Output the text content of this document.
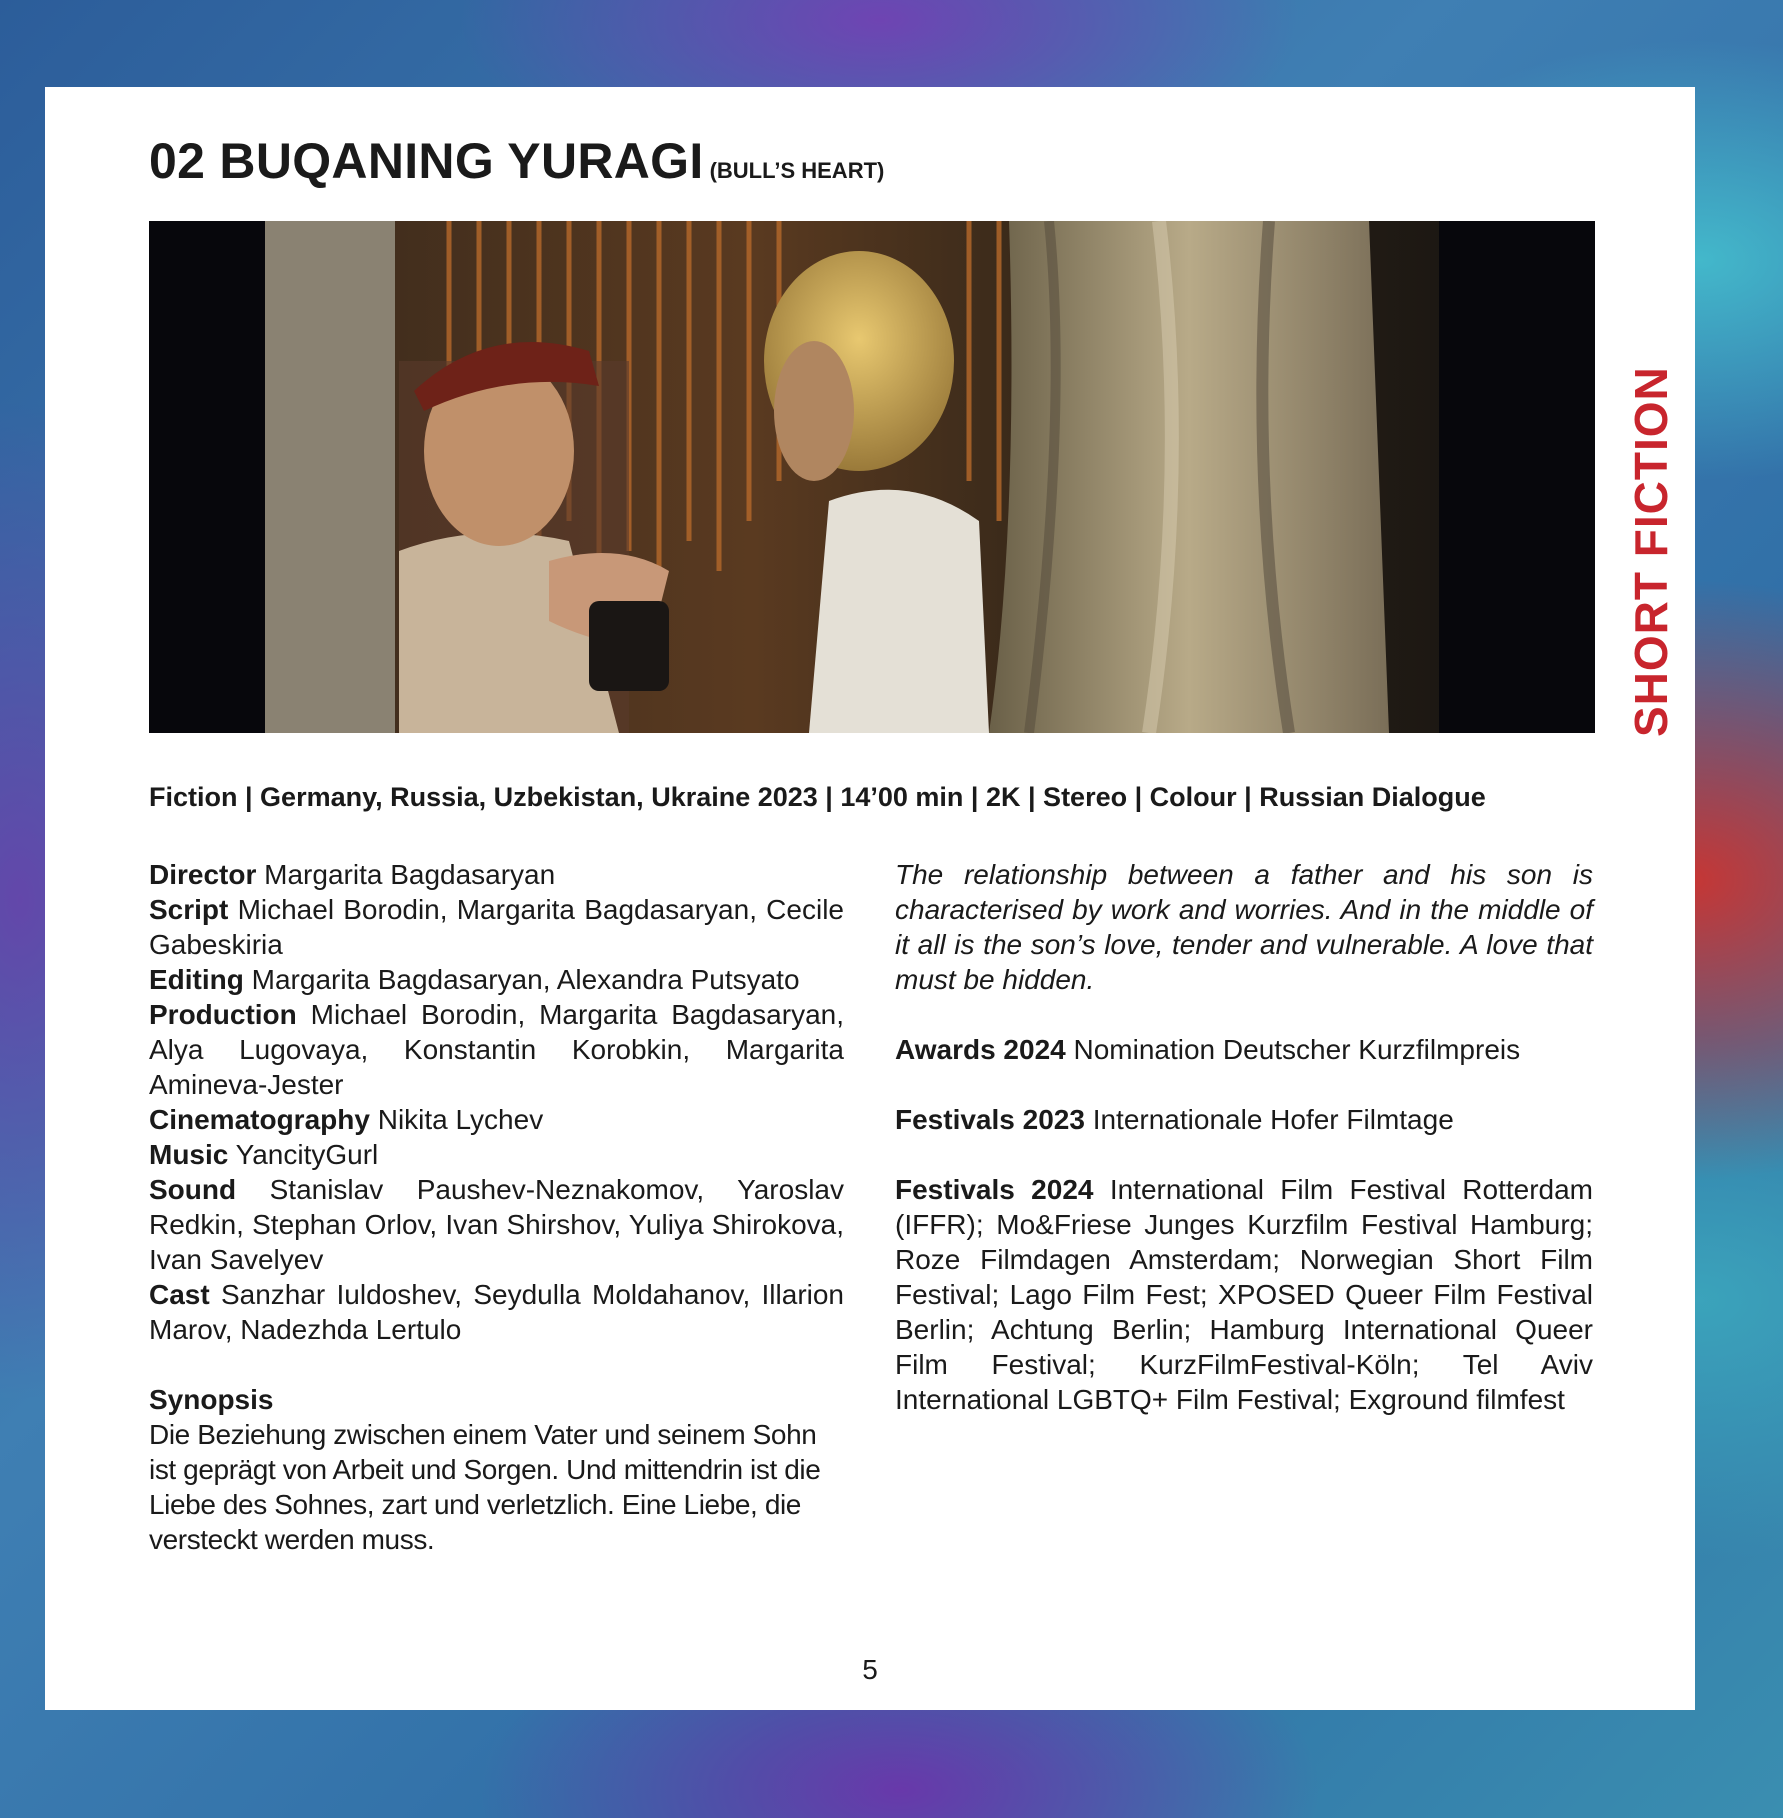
02 BUQANING YURAGI (BULL’S HEART)
SHORT FICTION
Fiction | Germany, Russia, Uzbekistan, Ukraine 2023 | 14’00 min | 2K | Stereo | Colour | Russian Dialogue

Director Margarita Bagdasaryan

Script Michael Borodin, Margarita Bagdasaryan, Cecile Gabeskiria

Editing Margarita Bagdasaryan, Alexandra Putsyato

Production Michael Borodin, Margarita Bagdasaryan, Alya Lugovaya, Konstantin Korobkin, Margarita Amineva-Jester

Cinematography Nikita Lychev

Music YancityGurl

Sound Stanislav Paushev-Neznakomov, Yaroslav Redkin, Stephan Orlov, Ivan Shirshov, Yuliya Shirokova, Ivan Savelyev

Cast Sanzhar Iuldoshev, Seydulla Moldahanov, Illarion Marov, Nadezhda Lertulo

Synopsis

Die Beziehung zwischen einem Vater und seinem Sohn ist geprägt von Arbeit und Sorgen. Und mittendrin ist die Liebe des Sohnes, zart und verletzlich. Eine Liebe, die versteckt werden muss.

The relationship between a father and his son is characterised by work and worries. And in the middle of it all is the son’s love, tender and vulnerable. A love that must be hidden.

Awards 2024 Nomination Deutscher Kurzfilmpreis

Festivals 2023 Internationale Hofer Filmtage

Festivals 2024 International Film Festival Rotterdam (IFFR); Mo&Friese Junges Kurzfilm Festival Hamburg; Roze Filmdagen Amsterdam; Norwegian Short Film Festival; Lago Film Fest; XPOSED Queer Film Festival Berlin; Achtung Berlin; Hamburg International Queer Film Festival; KurzFilmFestival-Köln; Tel Aviv International LGBTQ+ Film Festival; Exground filmfest

5
